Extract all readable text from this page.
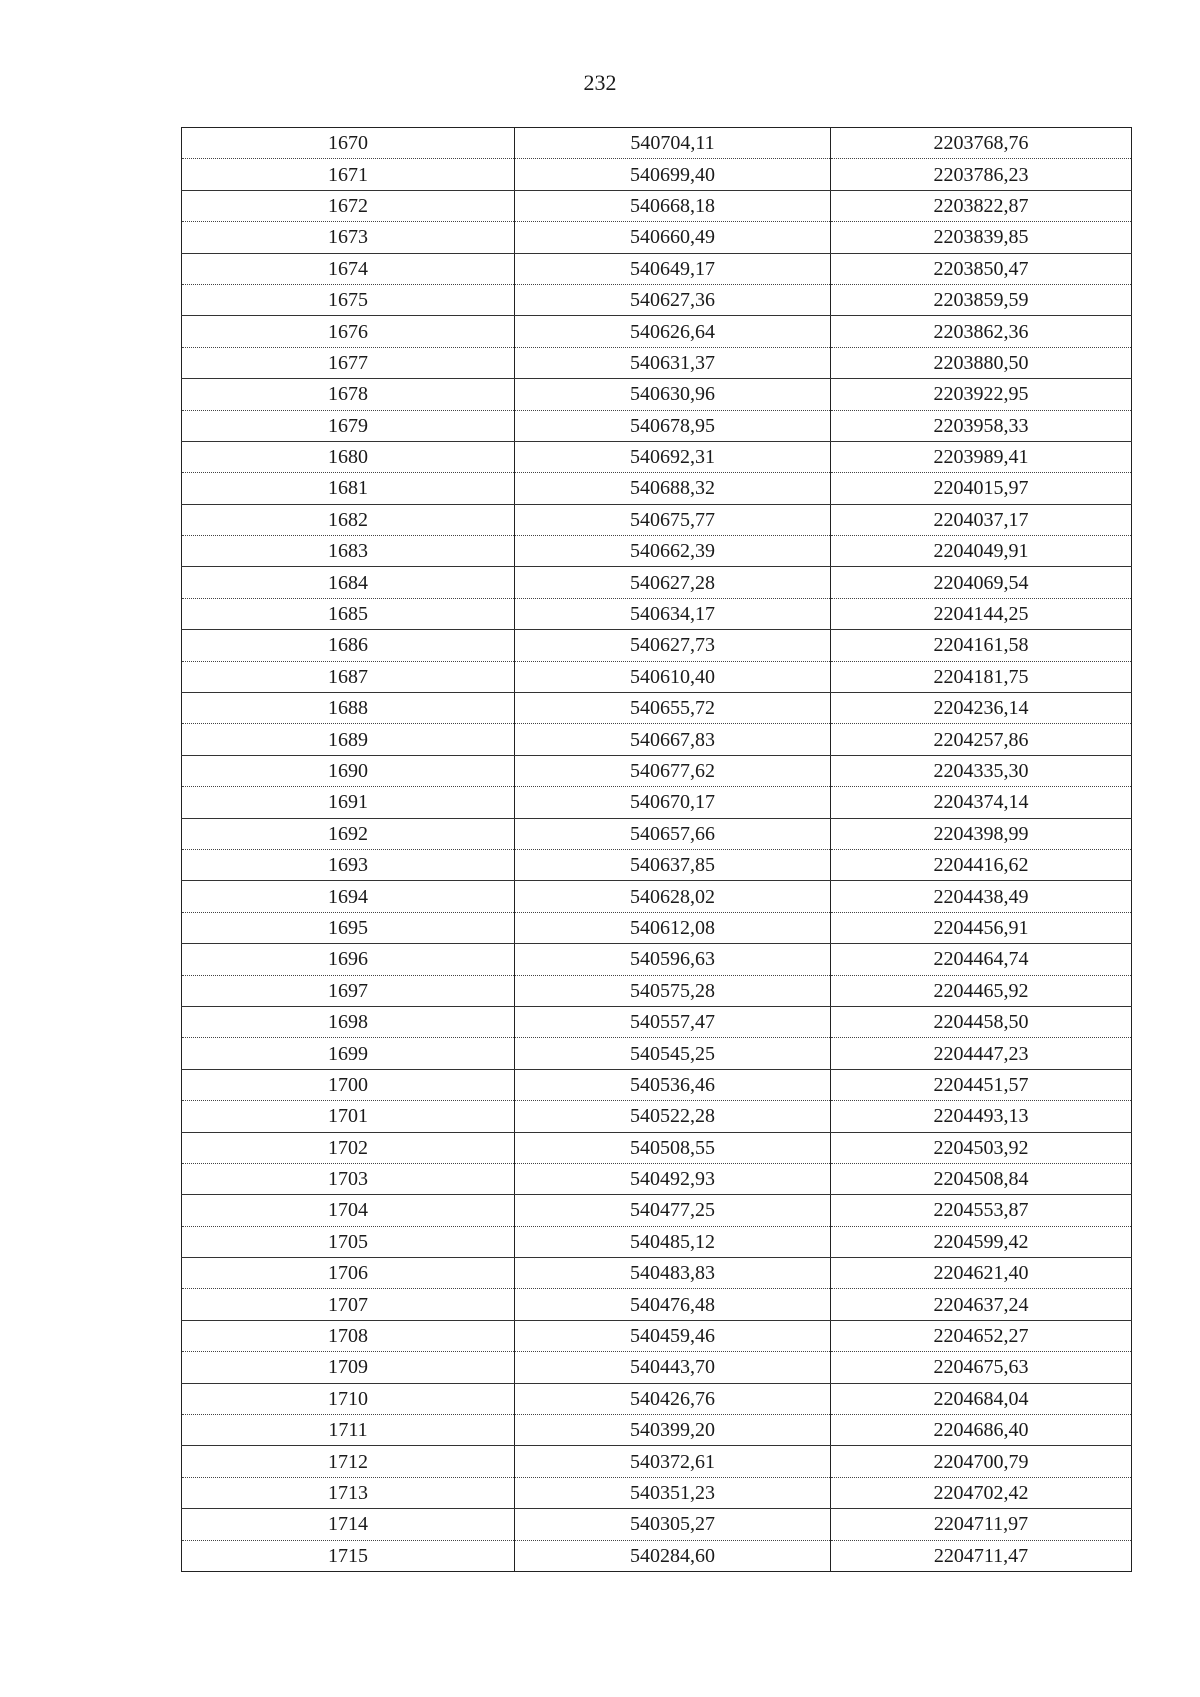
232
1670	540704,11	2203768,76
1671	540699,40	2203786,23
1672	540668,18	2203822,87
1673	540660,49	2203839,85
1674	540649,17	2203850,47
1675	540627,36	2203859,59
1676	540626,64	2203862,36
1677	540631,37	2203880,50
1678	540630,96	2203922,95
1679	540678,95	2203958,33
1680	540692,31	2203989,41
1681	540688,32	2204015,97
1682	540675,77	2204037,17
1683	540662,39	2204049,91
1684	540627,28	2204069,54
1685	540634,17	2204144,25
1686	540627,73	2204161,58
1687	540610,40	2204181,75
1688	540655,72	2204236,14
1689	540667,83	2204257,86
1690	540677,62	2204335,30
1691	540670,17	2204374,14
1692	540657,66	2204398,99
1693	540637,85	2204416,62
1694	540628,02	2204438,49
1695	540612,08	2204456,91
1696	540596,63	2204464,74
1697	540575,28	2204465,92
1698	540557,47	2204458,50
1699	540545,25	2204447,23
1700	540536,46	2204451,57
1701	540522,28	2204493,13
1702	540508,55	2204503,92
1703	540492,93	2204508,84
1704	540477,25	2204553,87
1705	540485,12	2204599,42
1706	540483,83	2204621,40
1707	540476,48	2204637,24
1708	540459,46	2204652,27
1709	540443,70	2204675,63
1710	540426,76	2204684,04
1711	540399,20	2204686,40
1712	540372,61	2204700,79
1713	540351,23	2204702,42
1714	540305,27	2204711,97
1715	540284,60	2204711,47
